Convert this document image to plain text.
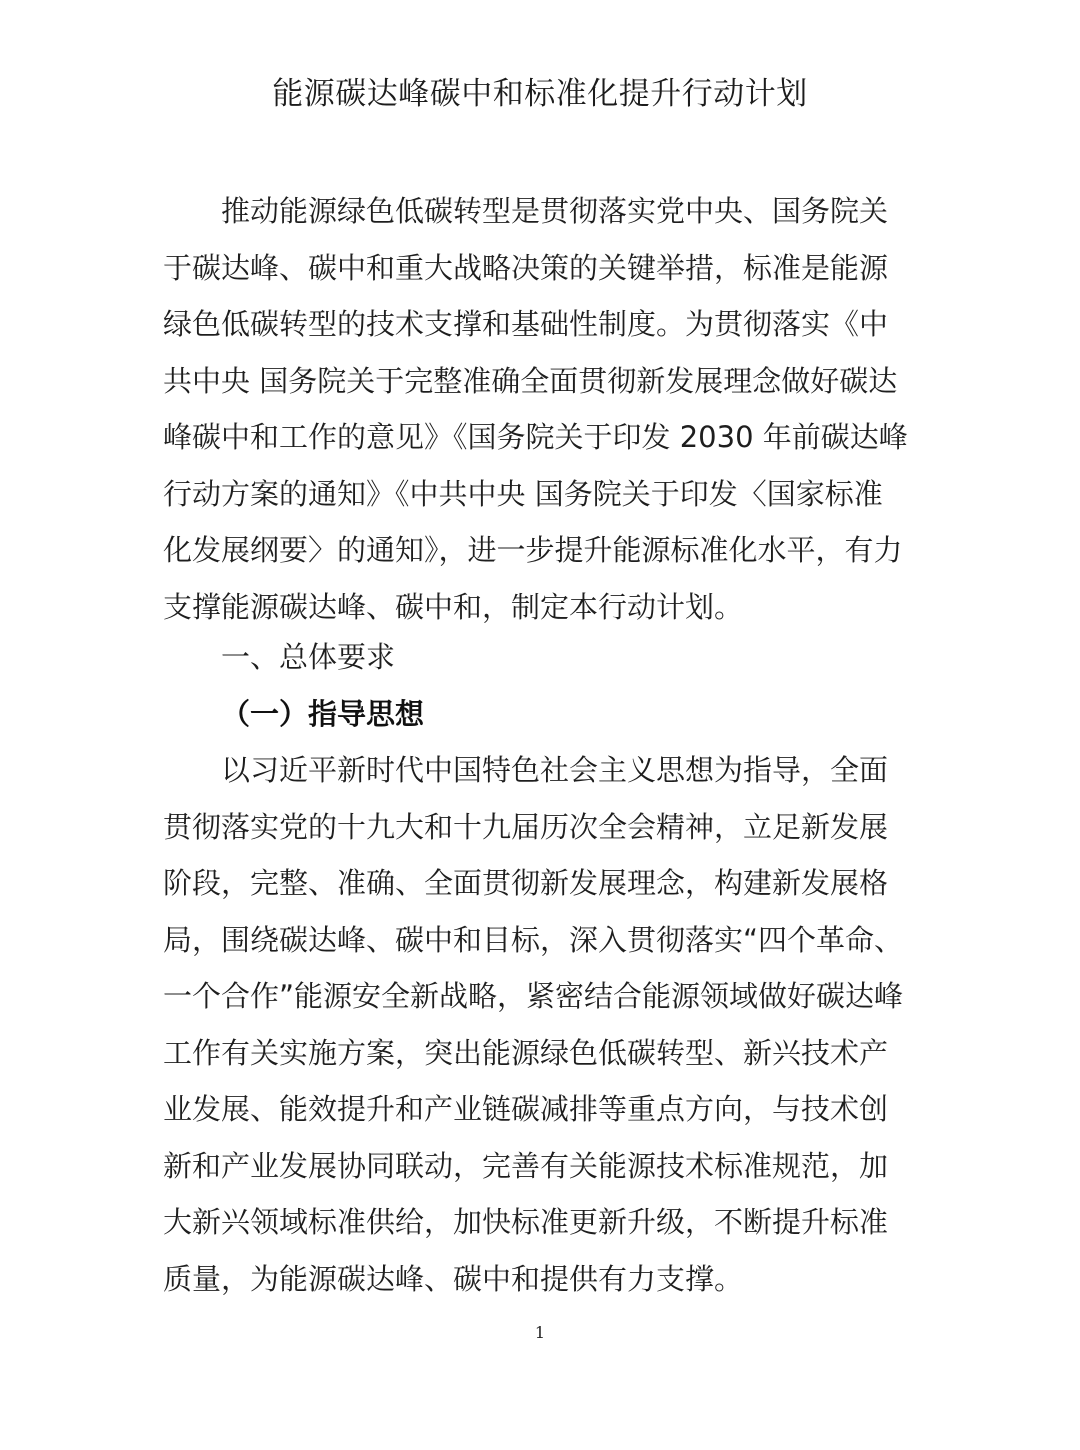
能源碳达峰碳中和标准化提升行动计划
推动能源绿色低碳转型是贯彻落实党中央、国务院关
于碳达峰、碳中和重大战略决策的关键举措，标准是能源
绿色低碳转型的技术支撑和基础性制度。为贯彻落实《中
共中央 国务院关于完整准确全面贯彻新发展理念做好碳达
峰碳中和工作的意见》《国务院关于印发 2030 年前碳达峰
行动方案的通知》《中共中央 国务院关于印发〈国家标准
化发展纲要〉的通知》，进一步提升能源标准化水平，有力
支撑能源碳达峰、碳中和，制定本行动计划。
一、总体要求
（一）指导思想
以习近平新时代中国特色社会主义思想为指导，全面
贯彻落实党的十九大和十九届历次全会精神，立足新发展
阶段，完整、准确、全面贯彻新发展理念，构建新发展格
局，围绕碳达峰、碳中和目标，深入贯彻落实“四个革命、
一个合作”能源安全新战略，紧密结合能源领域做好碳达峰
工作有关实施方案，突出能源绿色低碳转型、新兴技术产
业发展、能效提升和产业链碳减排等重点方向，与技术创
新和产业发展协同联动，完善有关能源技术标准规范，加
大新兴领域标准供给，加快标准更新升级，不断提升标准
质量，为能源碳达峰、碳中和提供有力支撑。
1
